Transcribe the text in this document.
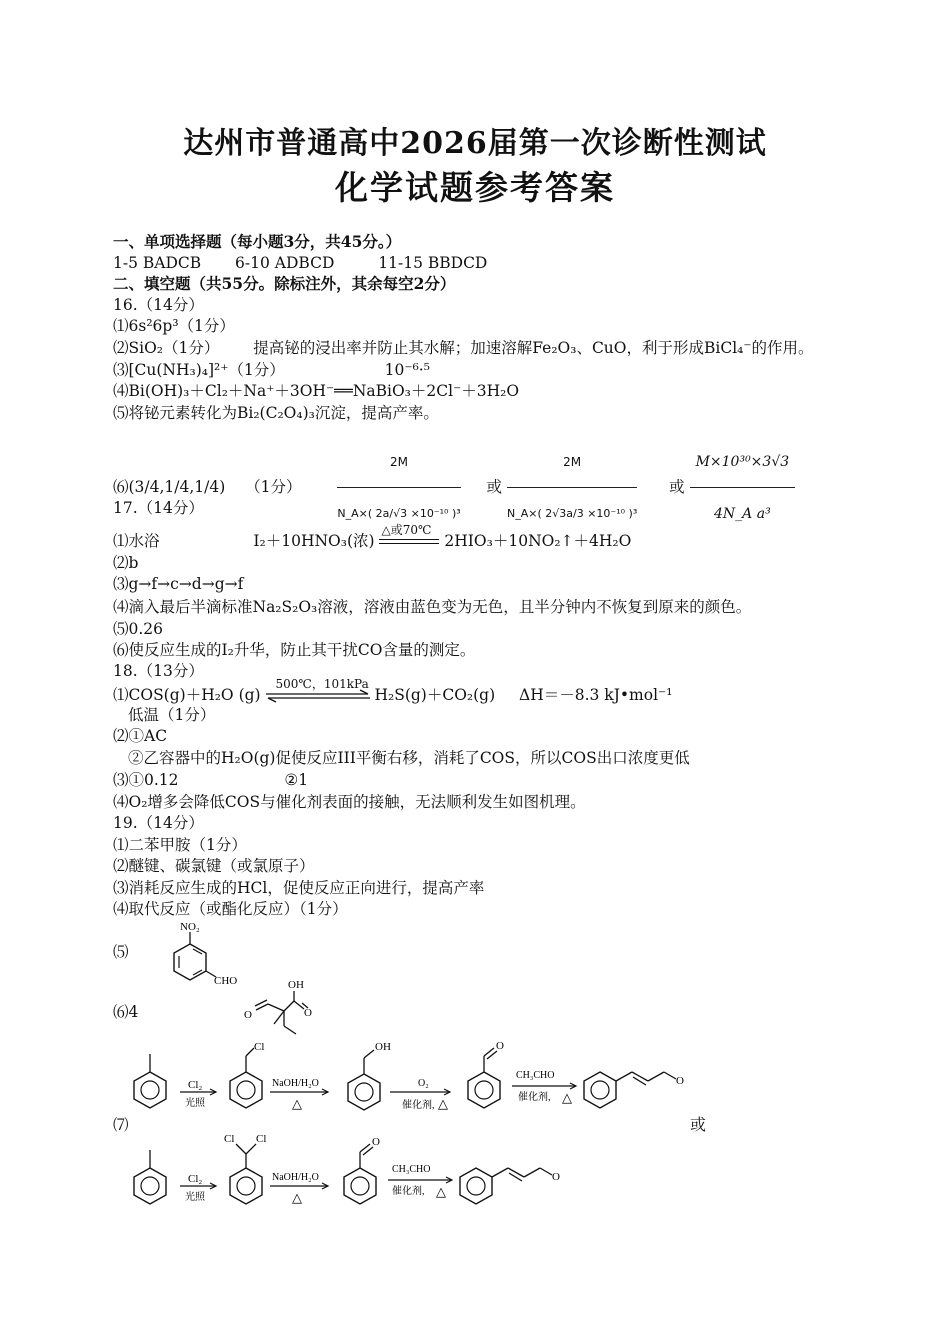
达州市普通高中2026届第一次诊断性测试
化学试题参考答案
一、单项选择题（每小题3分，共45分。）
1-5 BADCB 6-10 ADBCD	11-15 BBDCD
二、填空题（共55分。除标注外，其余每空2分）
16.（14分）
⑴6s²6p³（1分）
⑵SiO₂（1分） 提高铋的浸出率并防止其水解；加速溶解Fe₂O₃、CuO，利于形成BiCl₄⁻的作用。
⑶[Cu(NH₃)₄]²⁺（1分）	10⁻⁶·⁵
⑷Bi(OH)₃＋Cl₂＋Na⁺＋3OH⁻══NaBiO₃＋2Cl⁻＋3H₂O
⑸将铋元素转化为Bi₂(C₂O₄)₃沉淀，提高产率。
⑹(3/4,1/4,1/4) （1分）	$\frac{2M}{\text{N\_A×( 2a/√3 ×10⁻¹⁰ )³}}$ 或 $\frac{2M}{\text{N\_A×( 2√3a/3 ×10⁻¹⁰ )³}}$ 或 $\frac{\text{M×10³⁰×3√3}}{\text{4N\_A a³}}$
17.（14分）
⑴水浴	I₂＋10HNO₃(浓)
△或70℃
2HIO₃＋10NO₂↑＋4H₂O
⑵b
⑶g→f→c→d→g→f
⑷滴入最后半滴标准Na₂S₂O₃溶液，溶液由蓝色变为无色，且半分钟内不恢复到原来的颜色。
⑸0.26
⑹使反应生成的I₂升华，防止其干扰CO含量的测定。
18.（13分）
⑴COS(g)＋H₂O (g)
500℃，101kPa
H₂S(g)＋CO₂(g) ΔH＝－8.3 kJ•mol⁻¹
低温（1分）
⑵①AC
②乙容器中的H₂O(g)促使反应III平衡右移，消耗了COS，所以COS出口浓度更低
⑶①0.12	②1
⑷O₂增多会降低COS与催化剂表面的接触，无法顺利发生如图机理。
19.（14分）
⑴二苯甲胺（1分）
⑵醚键、碳氯键（或氯原子）
⑶消耗反应生成的HCl，促使反应正向进行，提高产率
⑷取代反应（或酯化反应）（1分）
⑸
⑹4
⑺	或
NO₂
CHO	OH
O
O
Cl₂
光照
Cl
NaOH/H₂O
△
OH
O₂
催化剂, △
O
CH₃CHO
催化剂, △
O
Cl₂
光照
Cl Cl
NaOH/H₂O
△
O
CH₃CHO
催化剂, △
O
